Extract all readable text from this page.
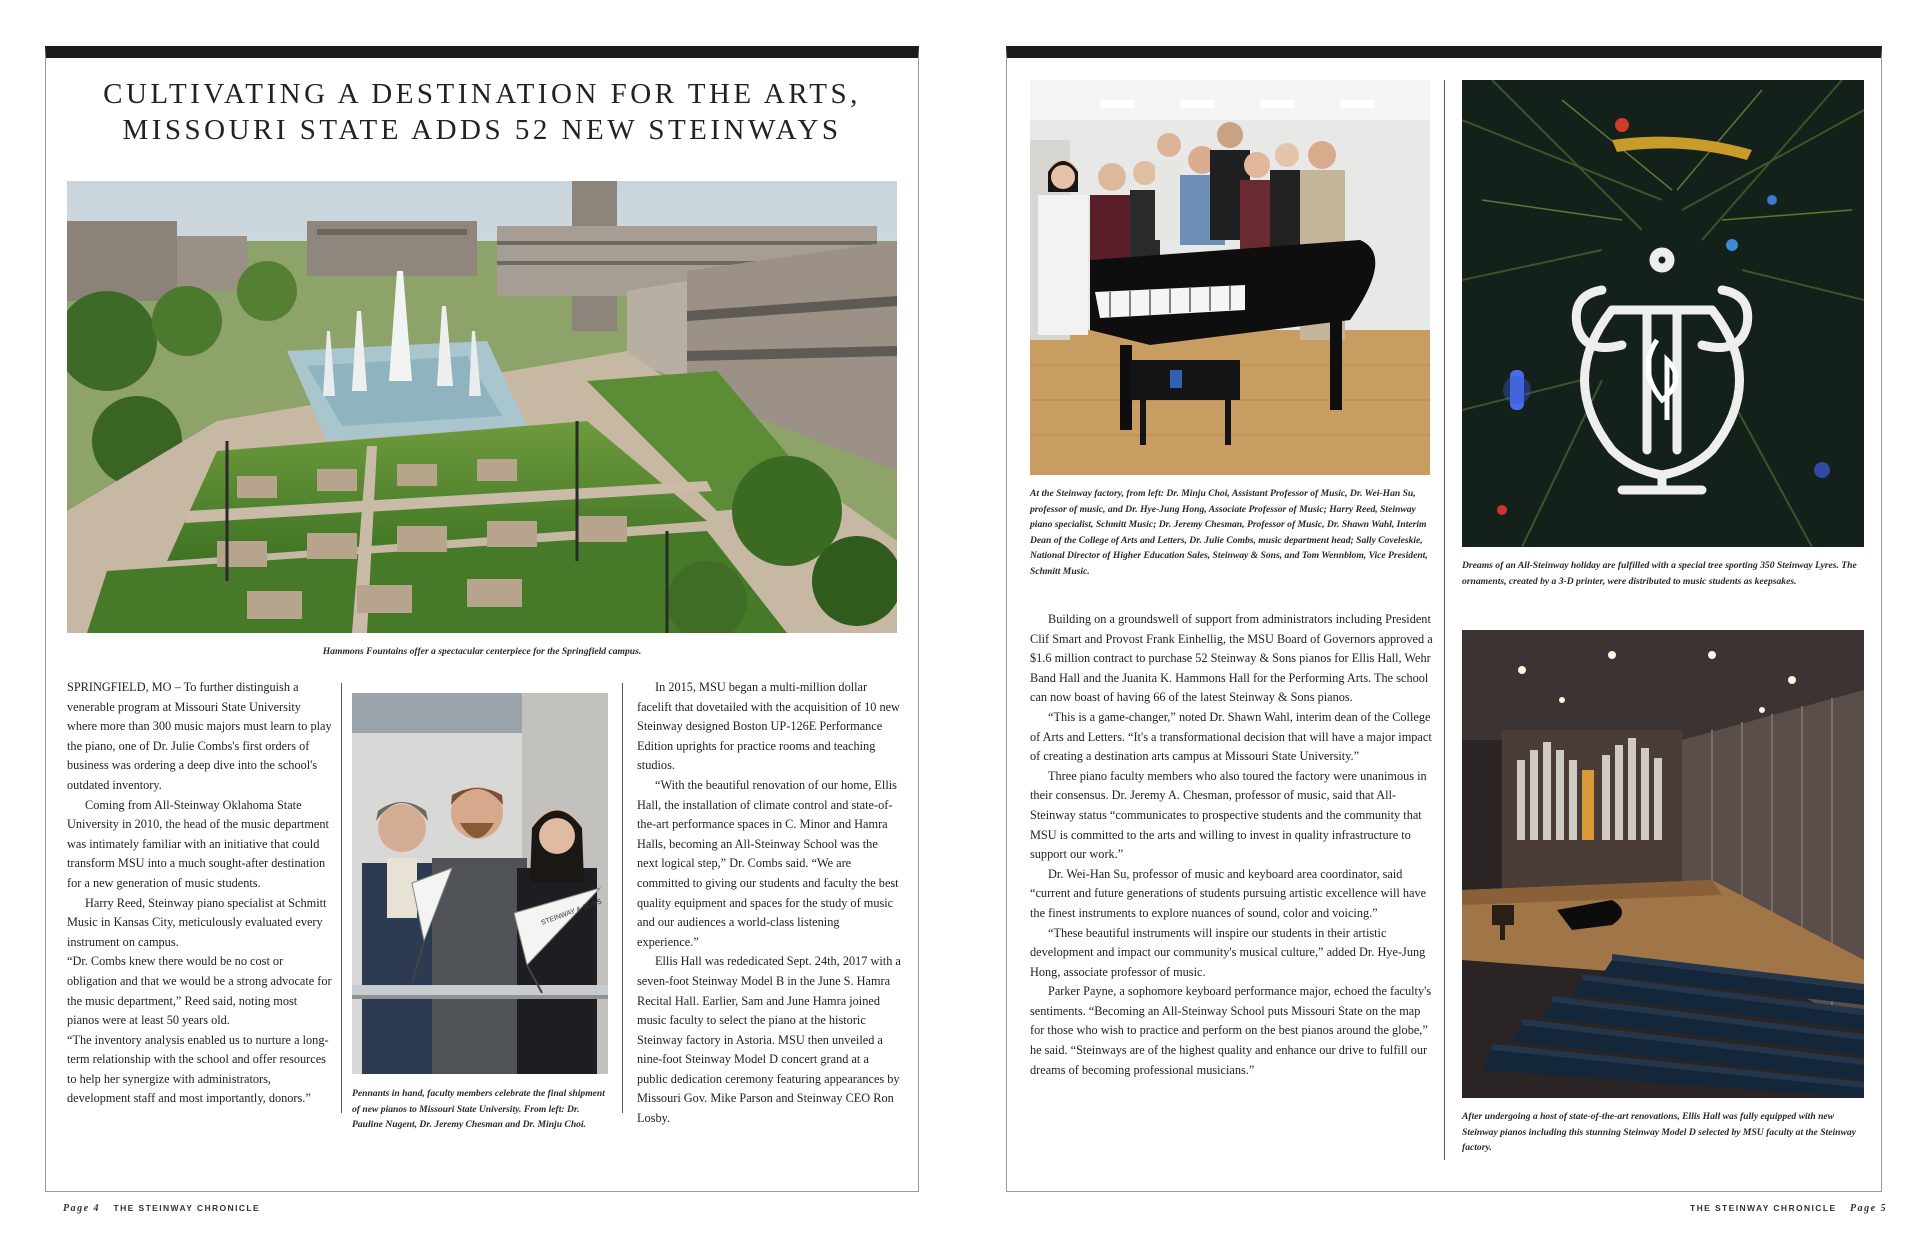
CULTIVATING A DESTINATION FOR THE ARTS,
MISSOURI STATE ADDS 52 NEW STEINWAYS
Hammons Fountains offer a spectacular centerpiece for the Springfield campus.

SPRINGFIELD, MO – To further distinguish a venerable program at Missouri State University where more than 300 music majors must learn to play the piano, one of Dr. Julie Combs's first orders of business was ordering a deep dive into the school's outdated inventory.

Coming from All-Steinway Oklahoma State University in 2010, the head of the music department was intimately familiar with an initiative that could transform MSU into a much sought-after destination for a new generation of music students.

Harry Reed, Steinway piano specialist at Schmitt Music in Kansas City, meticulously evaluated every instrument on campus.

“Dr. Combs knew there would be no cost or obligation and that we would be a strong advocate for the music department,” Reed said, noting most pianos were at least 50 years old.

“The inventory analysis enabled us to nurture a long-term relationship with the school and offer resources to help her synergize with administrators, development staff and most importantly, donors.”

STEINWAY & SONS
Pennants in hand, faculty members celebrate the final shipment of new pianos to Missouri State University. From left: Dr. Pauline Nugent, Dr. Jeremy Chesman and Dr. Minju Choi.

In 2015, MSU began a multi-million dollar facelift that dovetailed with the acquisition of 10 new Steinway designed Boston UP-126E Performance Edition uprights for practice rooms and teaching studios.

“With the beautiful renovation of our home, Ellis Hall, the installation of climate control and state-of-the-art performance spaces in C. Minor and Hamra Halls, becoming an All-Steinway School was the next logical step,” Dr. Combs said. “We are committed to giving our students and faculty the best quality equipment and spaces for the study of music and our audiences a world-class listening experience.”

Ellis Hall was rededicated Sept. 24th, 2017 with a seven-foot Steinway Model B in the June S. Hamra Recital Hall. Earlier, Sam and June Hamra joined music faculty to select the piano at the historic Steinway factory in Astoria. MSU then unveiled a nine-foot Steinway Model D concert grand at a public dedication ceremony featuring appearances by Missouri Gov. Mike Parson and Steinway CEO Ron Losby.

At the Steinway factory, from left: Dr. Minju Choi, Assistant Professor of Music, Dr. Wei-Han Su, professor of music, and Dr. Hye-Jung Hong, Associate Professor of Music; Harry Reed, Steinway piano specialist, Schmitt Music; Dr. Jeremy Chesman, Professor of Music, Dr. Shawn Wahl, Interim Dean of the College of Arts and Letters, Dr. Julie Combs, music department head; Sally Coveleskie, National Director of Higher Education Sales, Steinway & Sons, and Tom Wennblom, Vice President, Schmitt Music.

Building on a groundswell of support from administrators including President Clif Smart and Provost Frank Einhellig, the MSU Board of Governors approved a $1.6 million contract to purchase 52 Steinway & Sons pianos for Ellis Hall, Wehr Band Hall and the Juanita K. Hammons Hall for the Performing Arts. The school can now boast of having 66 of the latest Steinway & Sons pianos.

“This is a game-changer,” noted Dr. Shawn Wahl, interim dean of the College of Arts and Letters. “It's a transformational decision that will have a major impact of creating a destination arts campus at Missouri State University.”

Three piano faculty members who also toured the factory were unanimous in their consensus. Dr. Jeremy A. Chesman, professor of music, said that All-Steinway status “communicates to prospective students and the community that MSU is committed to the arts and willing to invest in quality infrastructure to support our work.”

Dr. Wei-Han Su, professor of music and keyboard area coordinator, said “current and future generations of students pursuing artistic excellence will have the finest instruments to explore nuances of sound, color and voicing.”

“These beautiful instruments will inspire our students in their artistic development and impact our community's musical culture,” added Dr. Hye-Jung Hong, associate professor of music.

Parker Payne, a sophomore keyboard performance major, echoed the faculty's sentiments. “Becoming an All-Steinway School puts Missouri State on the map for those who wish to practice and perform on the best pianos around the globe,” he said. “Steinways are of the highest quality and enhance our drive to fulfill our dreams of becoming professional musicians.”

Dreams of an All-Steinway holiday are fulfilled with a special tree sporting 350 Steinway Lyres. The ornaments, created by a 3-D printer, were distributed to music students as keepsakes.
After undergoing a host of state-of-the-art renovations, Ellis Hall was fully equipped with new Steinway pianos including this stunning Steinway Model D selected by MSU faculty at the Steinway factory.
Page 4 THE STEINWAY CHRONICLE	THE STEINWAY CHRONICLE Page 5
